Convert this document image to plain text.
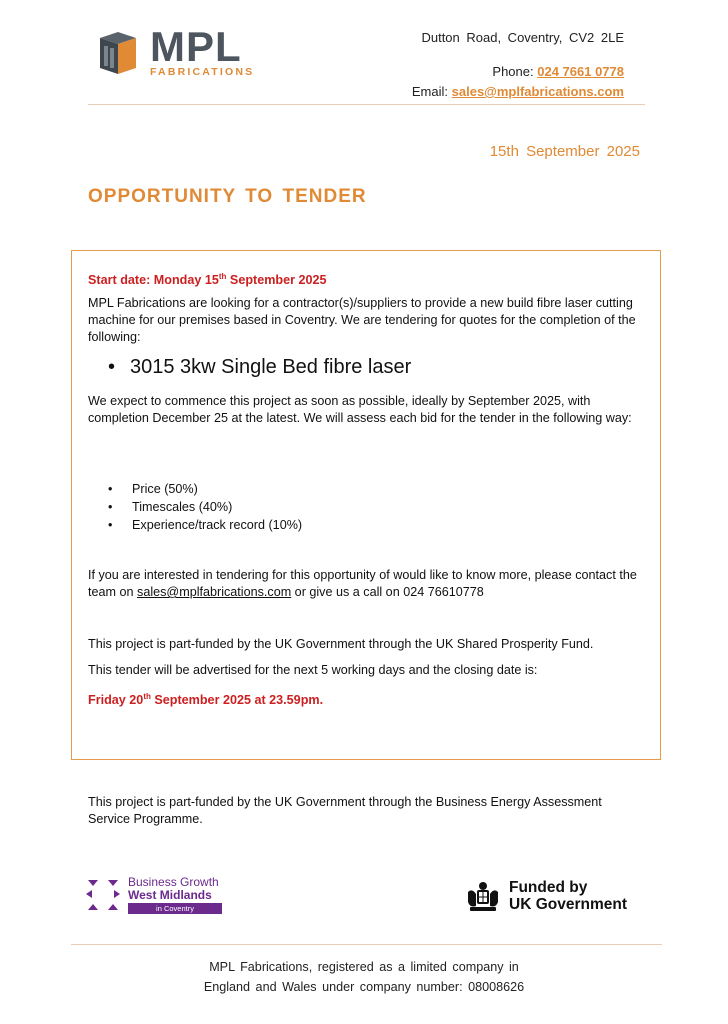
MPL
FABRICATIONS
Dutton Road, Coventry, CV2 2LE
Phone: 024 7661 0778
Email: sales@mplfabrications.com
15th September 2025
OPPORTUNITY TO TENDER
Start date: Monday 15th September 2025
MPL Fabrications are looking for a contractor(s)/suppliers to provide a new build fibre laser cutting machine for our premises based in Coventry. We are tendering for quotes for the completion of the following:
• 3015 3kw Single Bed fibre laser
We expect to commence this project as soon as possible, ideally by September 2025, with completion December 25 at the latest. We will assess each bid for the tender in the following way:
• Price (50%)
• Timescales (40%)
• Experience/track record (10%)
If you are interested in tendering for this opportunity of would like to know more, please contact the team on sales@mplfabrications.com or give us a call on 024 76610778
This project is part-funded by the UK Government through the UK Shared Prosperity Fund.
This tender will be advertised for the next 5 working days and the closing date is:
Friday 20th September 2025 at 23.59pm.
This project is part-funded by the UK Government through the Business Energy Assessment Service Programme.
Business Growth
West Midlands
in Coventry
Funded by
UK Government
MPL Fabrications, registered as a limited company in
England and Wales under company number: 08008626
